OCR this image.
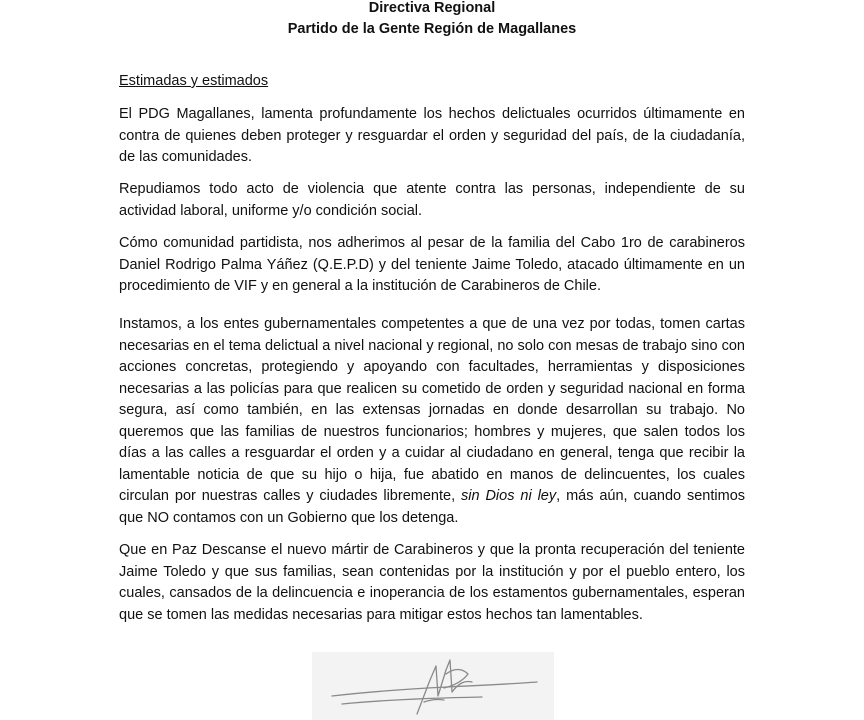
Directiva Regional
Partido de la Gente Región de Magallanes
Estimadas y estimados

El PDG Magallanes, lamenta profundamente los hechos delictuales ocurridos últimamente en contra de quienes deben proteger y resguardar el orden y seguridad del país, de la ciudadanía, de las comunidades.

Repudiamos todo acto de violencia que atente contra las personas, independiente de su actividad laboral, uniforme y/o condición social.

Cómo comunidad partidista, nos adherimos al pesar de la familia del Cabo 1ro de carabineros Daniel Rodrigo Palma Yáñez (Q.E.P.D) y del teniente Jaime Toledo, atacado últimamente en un procedimiento de VIF y en general a la institución de Carabineros de Chile.

Instamos, a los entes gubernamentales competentes a que de una vez por todas, tomen cartas necesarias en el tema delictual a nivel nacional y regional, no solo con mesas de trabajo sino con acciones concretas, protegiendo y apoyando con facultades, herramientas y disposiciones necesarias a las policías para que realicen su cometido de orden y seguridad nacional en forma segura, así como también, en las extensas jornadas en donde desarrollan su trabajo. No queremos que las familias de nuestros funcionarios; hombres y mujeres, que salen todos los días a las calles a resguardar el orden y a cuidar al ciudadano en general, tenga que recibir la lamentable noticia de que su hijo o hija, fue abatido en manos de delincuentes, los cuales circulan por nuestras calles y ciudades libremente, sin Dios ni ley, más aún, cuando sentimos que NO contamos con un Gobierno que los detenga.

Que en Paz Descanse el nuevo mártir de Carabineros y que la pronta recuperación del teniente Jaime Toledo y que sus familias, sean contenidas por la institución y por el pueblo entero, los cuales, cansados de la delincuencia e inoperancia de los estamentos gubernamentales, esperan que se tomen las medidas necesarias para mitigar estos hechos tan lamentables.
